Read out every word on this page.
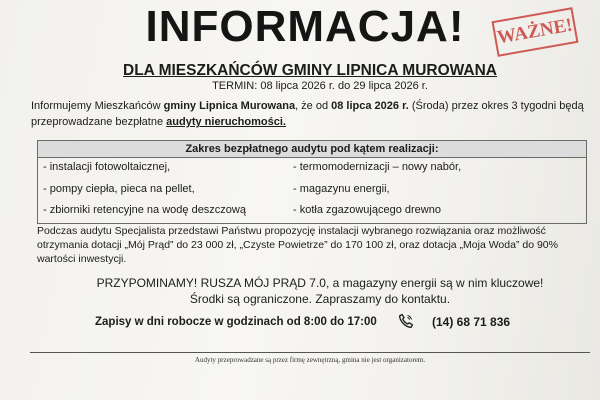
INFORMACJA!	WAŻNE!
DLA MIESZKAŃCÓW GMINY LIPNICA MUROWANA
TERMIN: 08 lipca 2026 r. do 29 lipca 2026 r.

Informujemy Mieszkańców gminy Lipnica Murowana, że od 08 lipca 2026 r. (Środa) przez okres 3 tygodni będą przeprowadzane bezpłatne audyty nieruchomości.

Zakres bezpłatnego audytu pod kątem realizacji:
- instalacji fotowoltaicznej,	- termomodernizacji – nowy nabór,
- pompy ciepła, pieca na pellet,	- magazynu energii,
- zbiorniki retencyjne na wodę deszczową	- kotła zgazowującego drewno

Podczas audytu Specjalista przedstawi Państwu propozycję instalacji wybranego rozwiązania oraz możliwość otrzymania dotacji „Mój Prąd” do 23 000 zł, „Czyste Powietrze” do 170 100 zł, oraz dotacja „Moja Woda” do 90% wartości inwestycji.

PRZYPOMINAMY! RUSZA MÓJ PRĄD 7.0, a magazyny energii są w nim kluczowe!
Środki są ograniczone. Zapraszamy do kontaktu.
Zapisy w dni robocze w godzinach od 8:00 do 17:00	(14) 68 71 836
Audyty przeprowadzane są przez firmę zewnętrzną, gmina nie jest organizatorem.
